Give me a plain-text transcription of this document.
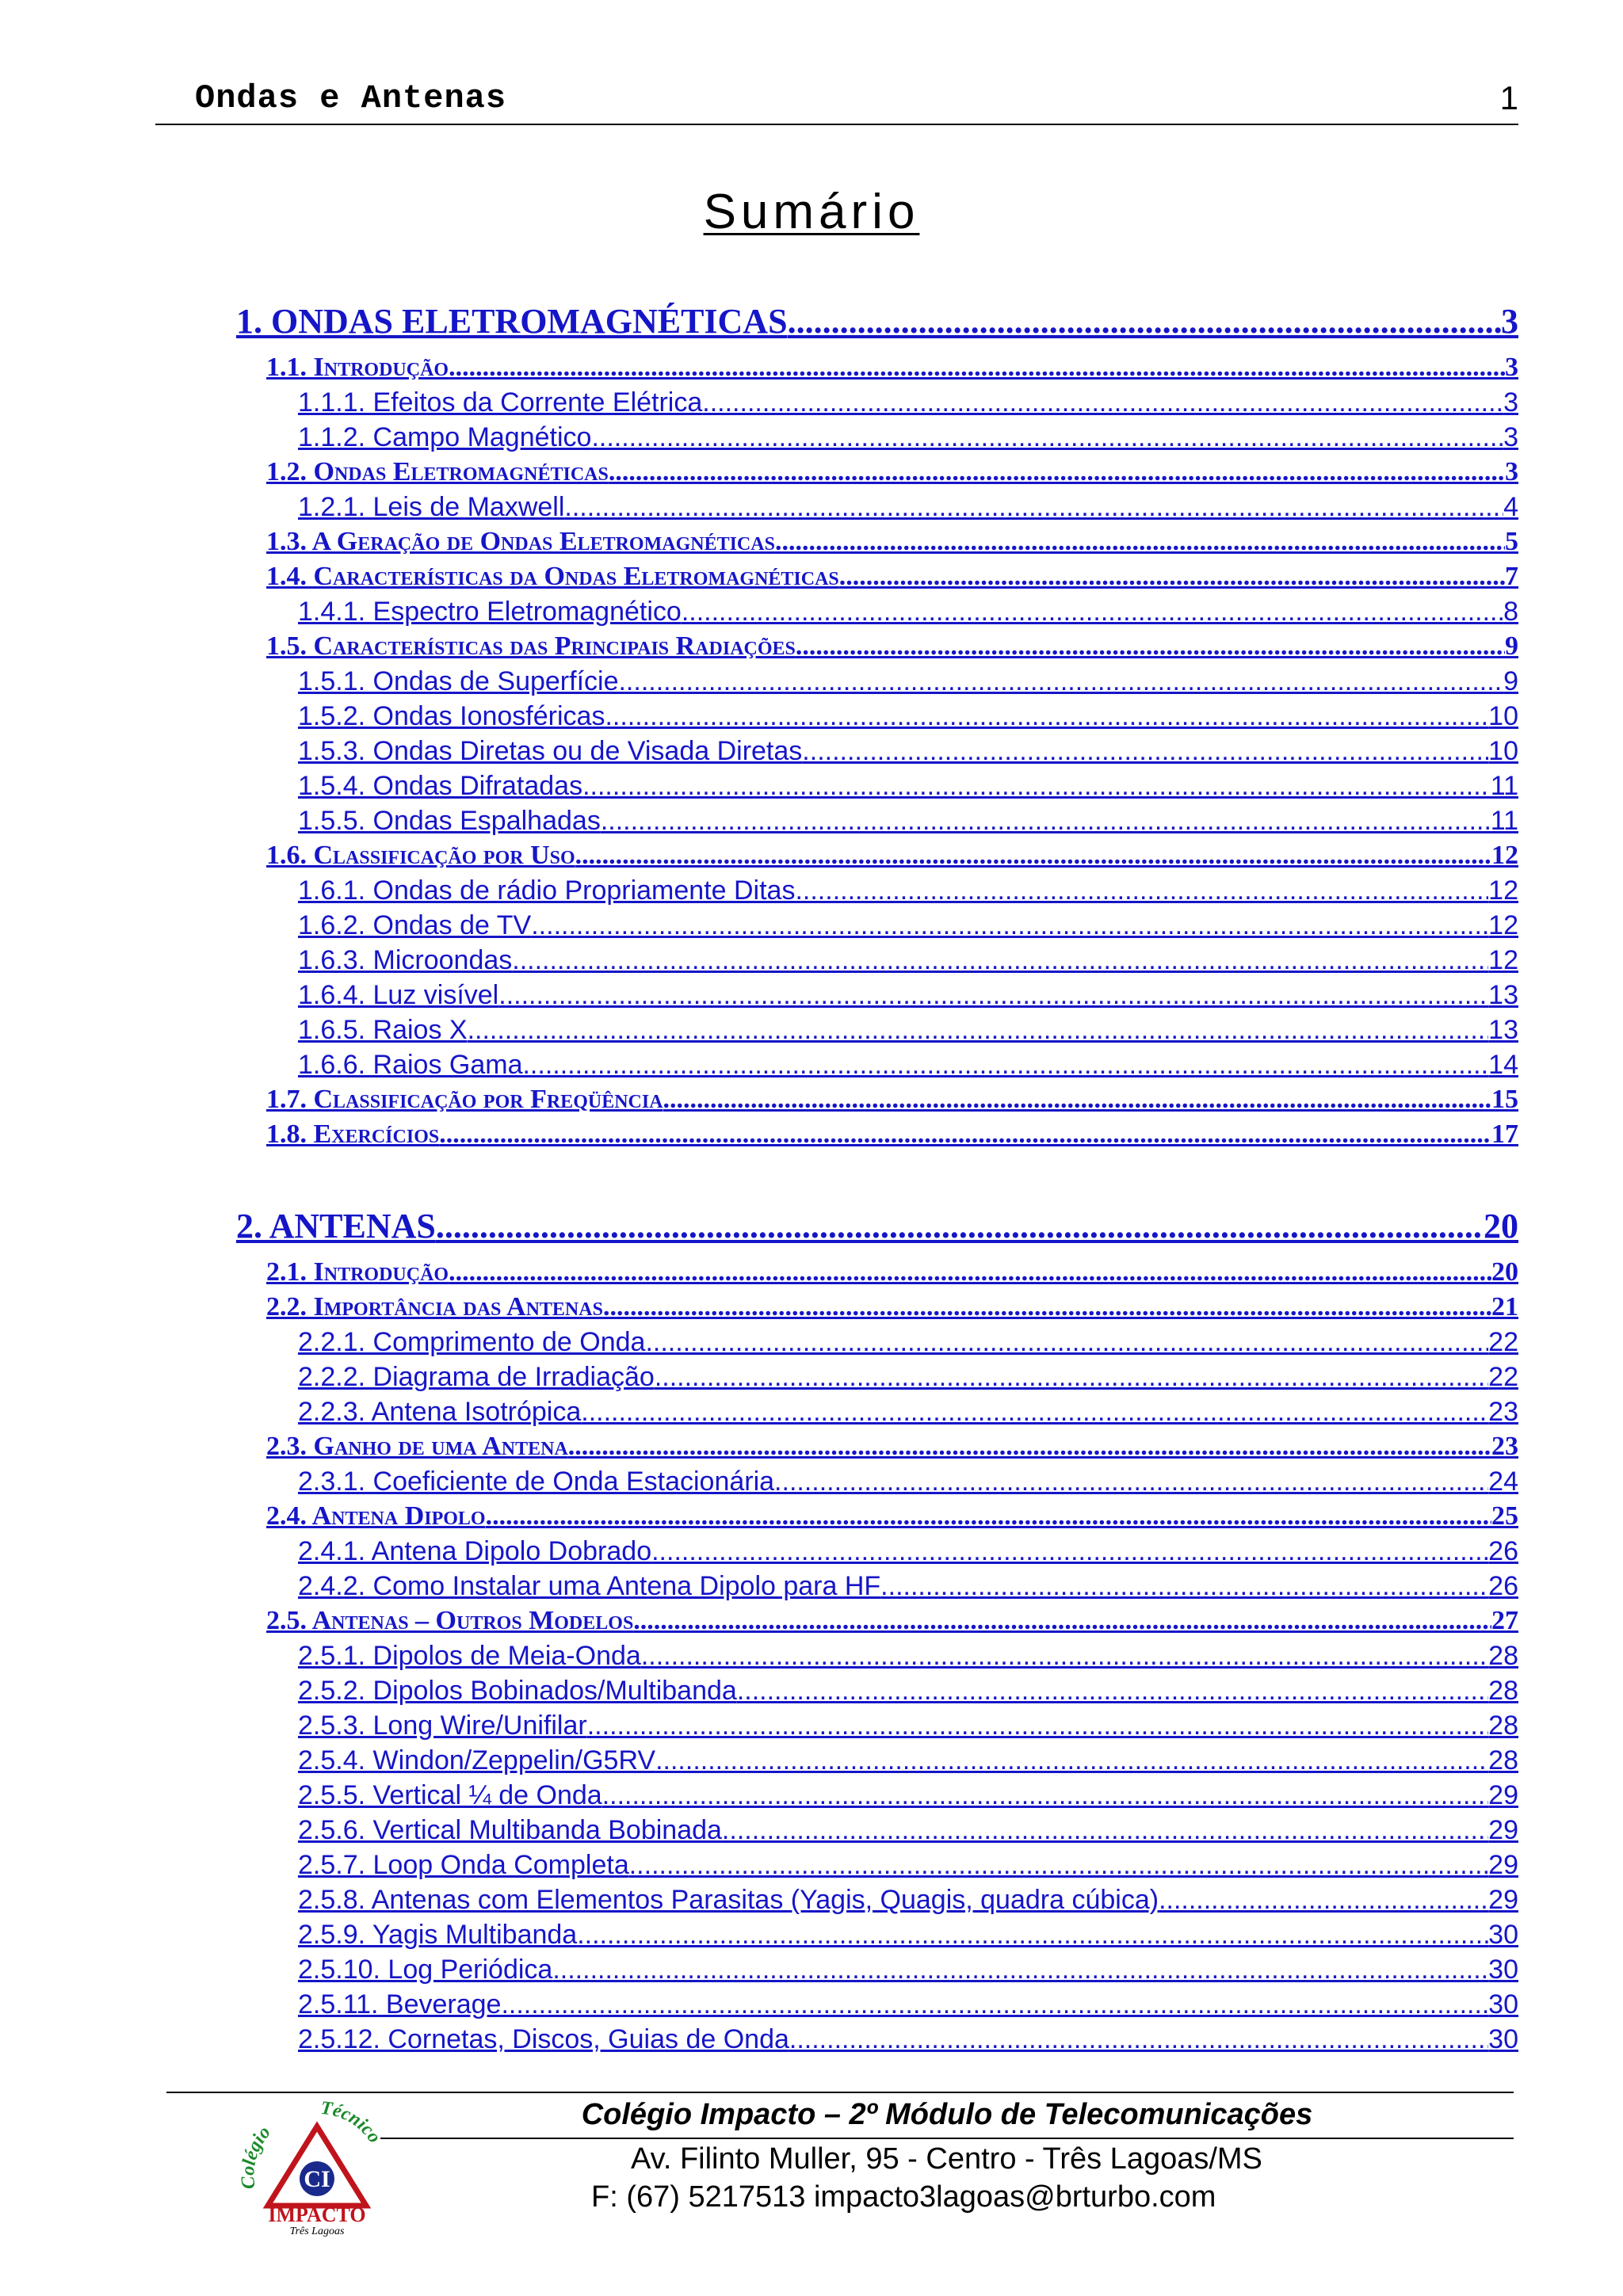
Ondas e Antenas	1
Sumário
1. ONDAS ELETROMAGNÉTICAS .....	3
1.1. Introdução .....	3
1.1.1. Efeitos da Corrente Elétrica .....	3
1.1.2. Campo Magnético .....	3
1.2. Ondas Eletromagnéticas .....	3
1.2.1. Leis de Maxwell .....	4
1.3. A Geração de Ondas Eletromagnéticas .....	5
1.4. Características da Ondas Eletromagnéticas .....	7
1.4.1. Espectro Eletromagnético .....	8
1.5. Características das Principais Radiações .....	9
1.5.1. Ondas de Superfície .....	9
1.5.2. Ondas Ionosféricas .....	10
1.5.3. Ondas Diretas ou de Visada Diretas .....	10
1.5.4. Ondas Difratadas .....	11
1.5.5. Ondas Espalhadas .....	11
1.6. Classificação por Uso .....	12
1.6.1. Ondas de rádio Propriamente Ditas .....	12
1.6.2. Ondas de TV .....	12
1.6.3. Microondas .....	12
1.6.4. Luz visível .....	13
1.6.5. Raios X .....	13
1.6.6. Raios Gama .....	14
1.7. Classificação por Freqüência .....	15
1.8. Exercícios .....	17
2. ANTENAS .....	20
2.1. Introdução .....	20
2.2. Importância das Antenas .....	21
2.2.1. Comprimento de Onda .....	22
2.2.2. Diagrama de Irradiação .....	22
2.2.3. Antena Isotrópica .....	23
2.3. Ganho de uma Antena .....	23
2.3.1. Coeficiente de Onda Estacionária .....	24
2.4. Antena Dipolo .....	25
2.4.1. Antena Dipolo Dobrado .....	26
2.4.2. Como Instalar uma Antena Dipolo para HF .....	26
2.5. Antenas – Outros Modelos .....	27
2.5.1. Dipolos de Meia-Onda .....	28
2.5.2. Dipolos Bobinados/Multibanda .....	28
2.5.3. Long Wire/Unifilar .....	28
2.5.4. Windon/Zeppelin/G5RV .....	28
2.5.5. Vertical ¼ de Onda .....	29
2.5.6. Vertical Multibanda Bobinada .....	29
2.5.7. Loop Onda Completa .....	29
2.5.8. Antenas com Elementos Parasitas (Yagis, Quagis, quadra cúbica) .....	29
2.5.9. Yagis Multibanda .....	30
2.5.10. Log Periódica .....	30
2.5.11. Beverage .....	30
2.5.12. Cornetas, Discos, Guias de Onda .....	30
Colégio Impacto – 2º Módulo de Telecomunicações
Av. Filinto Muller, 95 - Centro - Três Lagoas/MS
F: (67) 5217513 impacto3lagoas@brturbo.com
CI
Colégio
Técnico
IMPACTO
Três Lagoas
